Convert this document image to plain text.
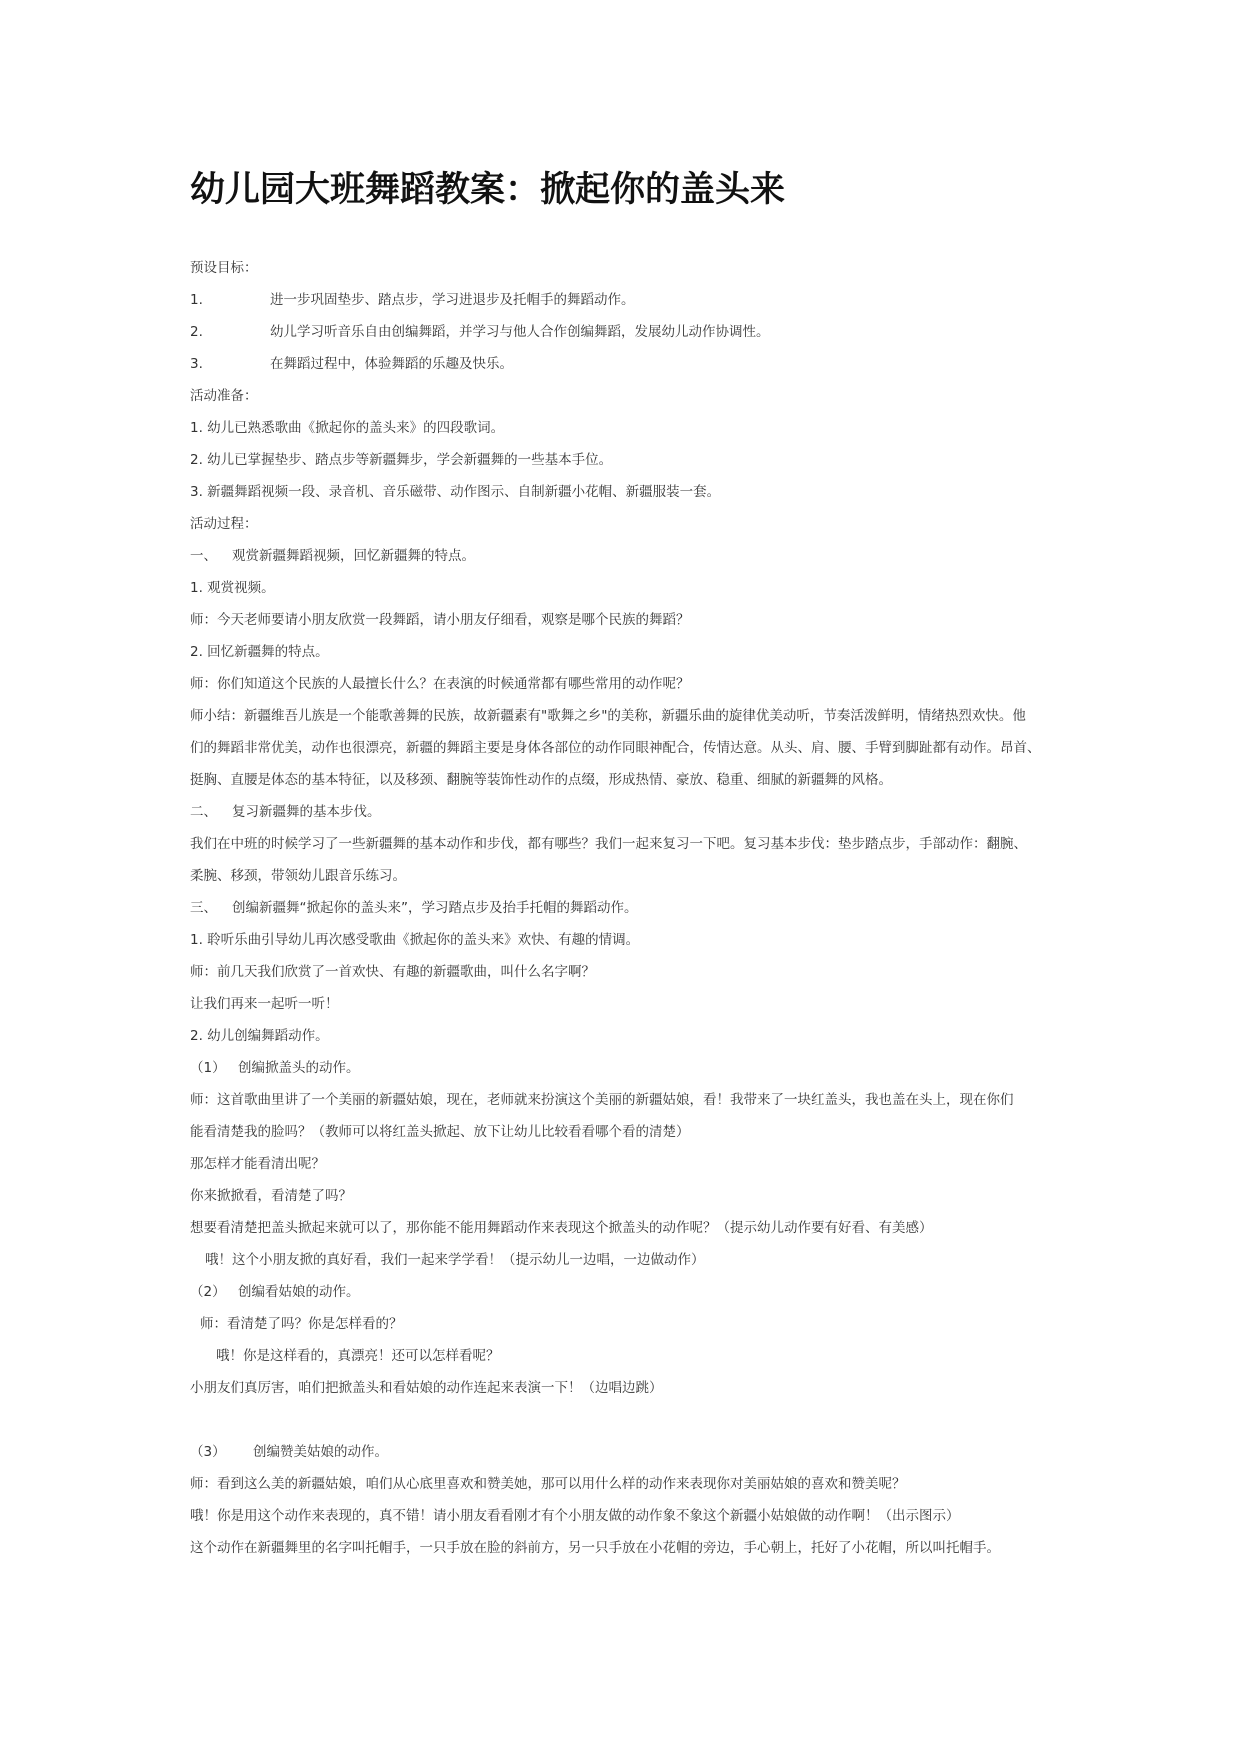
幼儿园大班舞蹈教案：掀起你的盖头来
预设目标：
1.	进一步巩固垫步、踏点步，学习进退步及托帽手的舞蹈动作。
2.	幼儿学习听音乐自由创编舞蹈，并学习与他人合作创编舞蹈，发展幼儿动作协调性。
3.	在舞蹈过程中，体验舞蹈的乐趣及快乐。
活动准备：
1. 幼儿已熟悉歌曲《掀起你的盖头来》的四段歌词。
2. 幼儿已掌握垫步、踏点步等新疆舞步，学会新疆舞的一些基本手位。
3. 新疆舞蹈视频一段、录音机、音乐磁带、动作图示、自制新疆小花帽、新疆服装一套。
活动过程：
一、 观赏新疆舞蹈视频，回忆新疆舞的特点。
1. 观赏视频。
师：今天老师要请小朋友欣赏一段舞蹈，请小朋友仔细看，观察是哪个民族的舞蹈？
2. 回忆新疆舞的特点。
师：你们知道这个民族的人最擅长什么？在表演的时候通常都有哪些常用的动作呢？
师小结：新疆维吾儿族是一个能歌善舞的民族，故新疆素有"歌舞之乡"的美称，新疆乐曲的旋律优美动听，节奏活泼鲜明，情绪热烈欢快。他
们的舞蹈非常优美，动作也很漂亮，新疆的舞蹈主要是身体各部位的动作同眼神配合，传情达意。从头、肩、腰、手臂到脚趾都有动作。昂首、
挺胸、直腰是体态的基本特征，以及移颈、翻腕等装饰性动作的点缀，形成热情、豪放、稳重、细腻的新疆舞的风格。
二、 复习新疆舞的基本步伐。
我们在中班的时候学习了一些新疆舞的基本动作和步伐，都有哪些？我们一起来复习一下吧。复习基本步伐：垫步踏点步，手部动作：翻腕、
柔腕、移颈，带领幼儿跟音乐练习。
三、 创编新疆舞“掀起你的盖头来”，学习踏点步及抬手托帽的舞蹈动作。
1. 聆听乐曲引导幼儿再次感受歌曲《掀起你的盖头来》欢快、有趣的情调。
师：前几天我们欣赏了一首欢快、有趣的新疆歌曲，叫什么名字啊？
让我们再来一起听一听！
2. 幼儿创编舞蹈动作。
（1） 创编掀盖头的动作。
师：这首歌曲里讲了一个美丽的新疆姑娘，现在，老师就来扮演这个美丽的新疆姑娘，看！我带来了一块红盖头，我也盖在头上，现在你们
能看清楚我的脸吗？（教师可以将红盖头掀起、放下让幼儿比较看看哪个看的清楚）
那怎样才能看清出呢？
你来掀掀看，看清楚了吗？
想要看清楚把盖头掀起来就可以了，那你能不能用舞蹈动作来表现这个掀盖头的动作呢？（提示幼儿动作要有好看、有美感）
哦！这个小朋友掀的真好看，我们一起来学学看！（提示幼儿一边唱，一边做动作）
（2） 创编看姑娘的动作。
师：看清楚了吗？你是怎样看的？
哦！你是这样看的，真漂亮！还可以怎样看呢？
小朋友们真厉害，咱们把掀盖头和看姑娘的动作连起来表演一下！（边唱边跳）
（3） 创编赞美姑娘的动作。
师：看到这么美的新疆姑娘，咱们从心底里喜欢和赞美她，那可以用什么样的动作来表现你对美丽姑娘的喜欢和赞美呢？
哦！你是用这个动作来表现的，真不错！请小朋友看看刚才有个小朋友做的动作象不象这个新疆小姑娘做的动作啊！（出示图示）
这个动作在新疆舞里的名字叫托帽手，一只手放在脸的斜前方，另一只手放在小花帽的旁边，手心朝上，托好了小花帽，所以叫托帽手。
